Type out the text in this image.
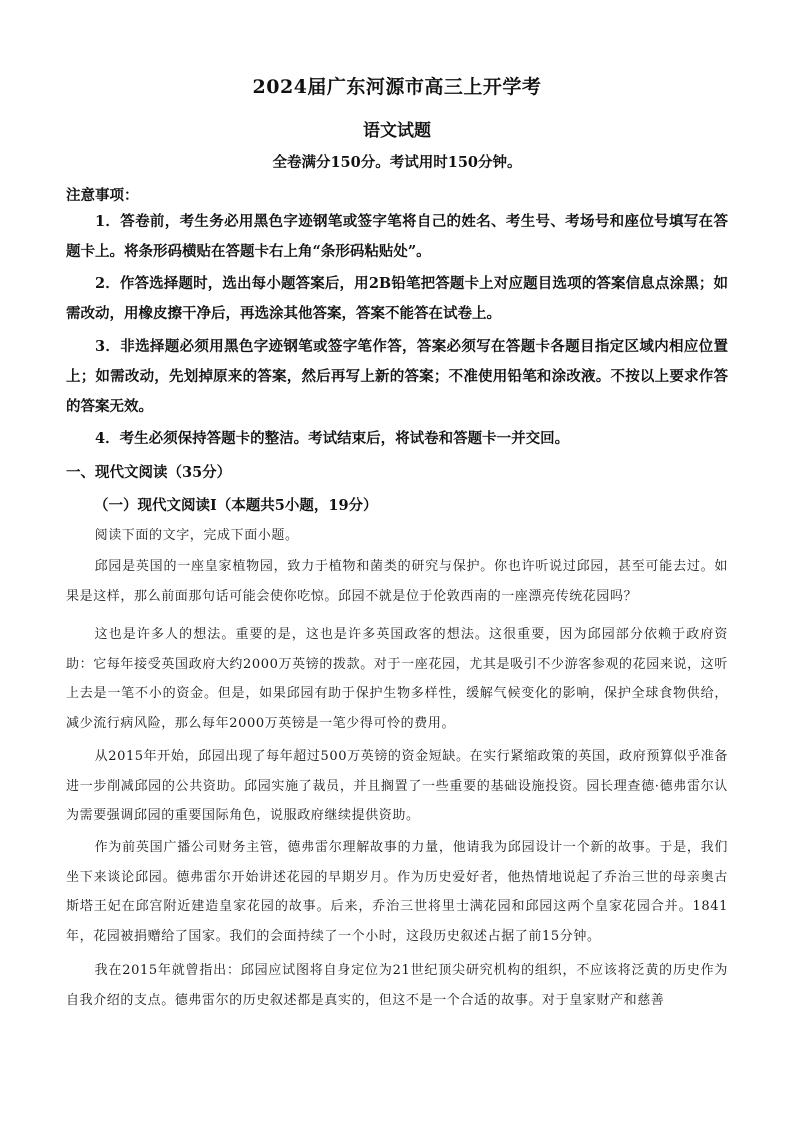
2024届广东河源市高三上开学考
语文试题
全卷满分150分。考试用时150分钟。
注意事项：

1．答卷前，考生务必用黑色字迹钢笔或签字笔将自己的姓名、考生号、考场号和座位号填写在答题卡上。将条形码横贴在答题卡右上角“条形码粘贴处”。

2．作答选择题时，选出每小题答案后，用2B铅笔把答题卡上对应题目选项的答案信息点涂黑；如需改动，用橡皮擦干净后，再选涂其他答案，答案不能答在试卷上。

3．非选择题必须用黑色字迹钢笔或签字笔作答，答案必须写在答题卡各题目指定区域内相应位置上；如需改动，先划掉原来的答案，然后再写上新的答案；不准使用铅笔和涂改液。不按以上要求作答的答案无效。

4．考生必须保持答题卡的整洁。考试结束后，将试卷和答题卡一并交回。

一、现代文阅读（35分）
（一）现代文阅读Ⅰ（本题共5小题，19分）

阅读下面的文字，完成下面小题。

邱园是英国的一座皇家植物园，致力于植物和菌类的研究与保护。你也许听说过邱园，甚至可能去过。如果是这样，那么前面那句话可能会使你吃惊。邱园不就是位于伦敦西南的一座漂亮传统花园吗？

这也是许多人的想法。重要的是，这也是许多英国政客的想法。这很重要，因为邱园部分依赖于政府资助：它每年接受英国政府大约2000万英镑的拨款。对于一座花园，尤其是吸引不少游客参观的花园来说，这听上去是一笔不小的资金。但是，如果邱园有助于保护生物多样性，缓解气候变化的影响，保护全球食物供给，减少流行病风险，那么每年2000万英镑是一笔少得可怜的费用。

从2015年开始，邱园出现了每年超过500万英镑的资金短缺。在实行紧缩政策的英国，政府预算似乎准备进一步削减邱园的公共资助。邱园实施了裁员，并且搁置了一些重要的基础设施投资。园长理查德·德弗雷尔认为需要强调邱园的重要国际角色，说服政府继续提供资助。

作为前英国广播公司财务主管，德弗雷尔理解故事的力量，他请我为邱园设计一个新的故事。于是，我们坐下来谈论邱园。德弗雷尔开始讲述花园的早期岁月。作为历史爱好者，他热情地说起了乔治三世的母亲奥古斯塔王妃在邱宫附近建造皇家花园的故事。后来，乔治三世将里士满花园和邱园这两个皇家花园合并。1841年，花园被捐赠给了国家。我们的会面持续了一个小时，这段历史叙述占据了前15分钟。

我在2015年就曾指出：邱园应试图将自身定位为21世纪顶尖研究机构的组织，不应该将泛黄的历史作为自我介绍的支点。德弗雷尔的历史叙述都是真实的，但这不是一个合适的故事。对于皇家财产和慈善
